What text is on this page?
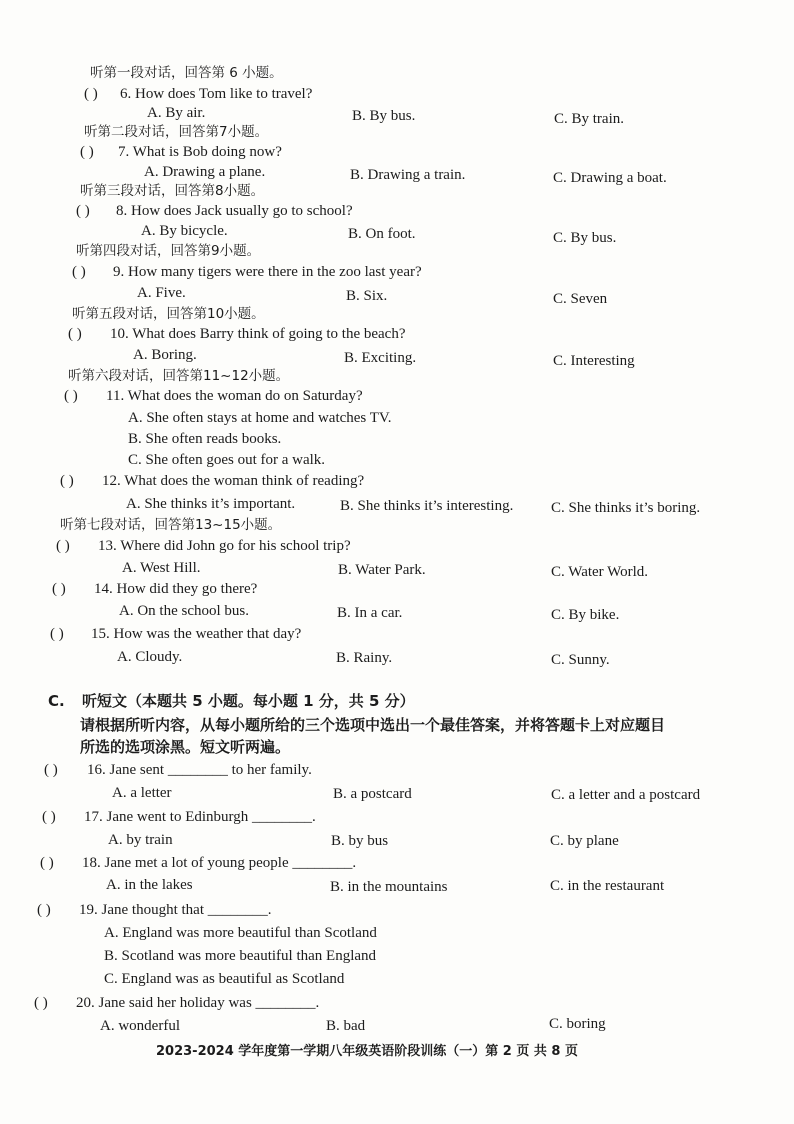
听第一段对话，回答第 6 小题。
( ) 6. How does Tom like to travel?
A. By air.	B. By bus.	C. By train.
听第二段对话，回答第7小题。
( ) 7. What is Bob doing now?
A. Drawing a plane.	B. Drawing a train.	C. Drawing a boat.
听第三段对话，回答第8小题。
( ) 8. How does Jack usually go to school?
A. By bicycle.	B. On foot.	C. By bus.
听第四段对话，回答第9小题。
( ) 9. How many tigers were there in the zoo last year?
A. Five.	B. Six.	C. Seven
听第五段对话，回答第10小题。
( ) 10. What does Barry think of going to the beach?
A. Boring.	B. Exciting.	C. Interesting
听第六段对话，回答第11~12小题。
( ) 11. What does the woman do on Saturday?
A. She often stays at home and watches TV.
B. She often reads books.
C. She often goes out for a walk.
( ) 12. What does the woman think of reading?
A. She thinks it’s important.	B. She thinks it’s interesting.	C. She thinks it’s boring.
听第七段对话，回答第13~15小题。
( ) 13. Where did John go for his school trip?
A. West Hill.	B. Water Park.	C. Water World.
( ) 14. How did they go there?
A. On the school bus.	B. In a car.	C. By bike.
( ) 15. How was the weather that day?
A. Cloudy.	B. Rainy.	C. Sunny.
C. 听短文（本题共 5 小题。每小题 1 分，共 5 分）
请根据所听内容，从每小题所给的三个选项中选出一个最佳答案，并将答题卡上对应题目
所选的选项涂黑。短文听两遍。
( ) 16. Jane sent ________ to her family.
A. a letter	B. a postcard	C. a letter and a postcard
( ) 17. Jane went to Edinburgh ________.
A. by train	B. by bus	C. by plane
( ) 18. Jane met a lot of young people ________.
A. in the lakes	B. in the mountains	C. in the restaurant
( ) 19. Jane thought that ________.
A. England was more beautiful than Scotland
B. Scotland was more beautiful than England
C. England was as beautiful as Scotland
( ) 20. Jane said her holiday was ________.
A. wonderful	B. bad	C. boring
2023-2024 学年度第一学期八年级英语阶段训练（一）第 2 页 共 8 页
